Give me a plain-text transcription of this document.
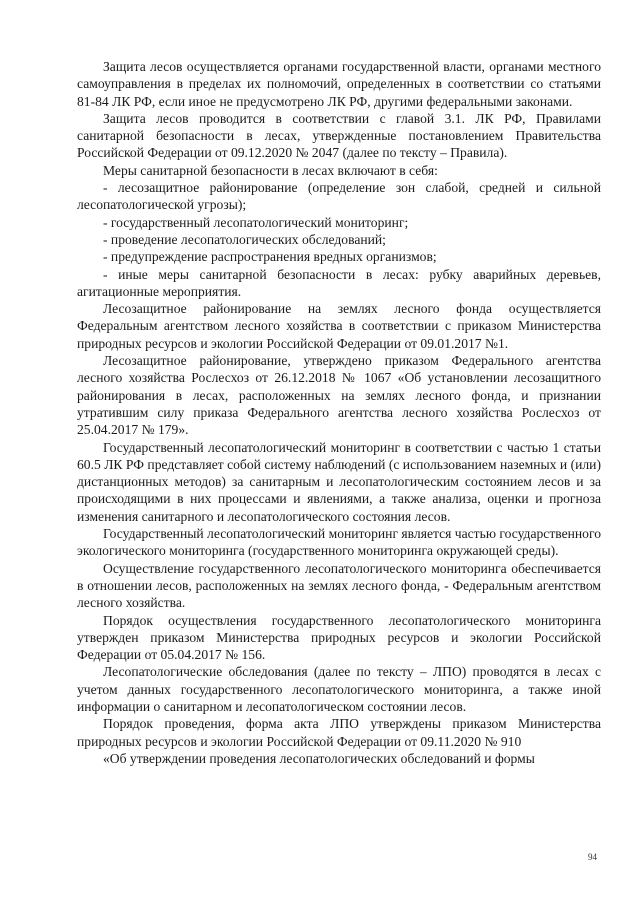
Защита лесов осуществляется органами государственной власти, органами местного самоуправления в пределах их полномочий, определенных в соответствии со статьями 81-84 ЛК РФ, если иное не предусмотрено ЛК РФ, другими федеральными законами.

Защита лесов проводится в соответствии с главой 3.1. ЛК РФ, Правилами санитарной безопасности в лесах, утвержденные постановлением Правительства Российской Федерации от 09.12.2020 № 2047 (далее по тексту – Правила).

Меры санитарной безопасности в лесах включают в себя:

- лесозащитное районирование (определение зон слабой, средней и сильной лесопатологической угрозы);

- государственный лесопатологический мониторинг;

- проведение лесопатологических обследований;

- предупреждение распространения вредных организмов;

- иные меры санитарной безопасности в лесах: рубку аварийных деревьев, агитационные мероприятия.

Лесозащитное районирование на землях лесного фонда осуществляется Федеральным агентством лесного хозяйства в соответствии с приказом Министерства природных ресурсов и экологии Российской Федерации от 09.01.2017 №1.

Лесозащитное районирование, утверждено приказом Федерального агентства лесного хозяйства Рослесхоз от 26.12.2018 № 1067 «Об установлении лесозащитного районирования в лесах, расположенных на землях лесного фонда, и признании утратившим силу приказа Федерального агентства лесного хозяйства Рослесхоз от 25.04.2017 № 179».

Государственный лесопатологический мониторинг в соответствии с частью 1 статьи 60.5 ЛК РФ представляет собой систему наблюдений (с использованием наземных и (или) дистанционных методов) за санитарным и лесопатологическим состоянием лесов и за происходящими в них процессами и явлениями, а также анализа, оценки и прогноза изменения санитарного и лесопатологического состояния лесов.

Государственный лесопатологический мониторинг является частью государственного экологического мониторинга (государственного мониторинга окружающей среды).

Осуществление государственного лесопатологического мониторинга обеспечивается в отношении лесов, расположенных на землях лесного фонда, - Федеральным агентством лесного хозяйства.

Порядок осуществления государственного лесопатологического мониторинга утвержден приказом Министерства природных ресурсов и экологии Российской Федерации от 05.04.2017 № 156.

Лесопатологические обследования (далее по тексту – ЛПО) проводятся в лесах с учетом данных государственного лесопатологического мониторинга, а также иной информации о санитарном и лесопатологическом состоянии лесов.

Порядок проведения, форма акта ЛПО утверждены приказом Министерства природных ресурсов и экологии Российской Федерации от 09.11.2020 № 910

«Об утверждении проведения лесопатологических обследований и формы

94
